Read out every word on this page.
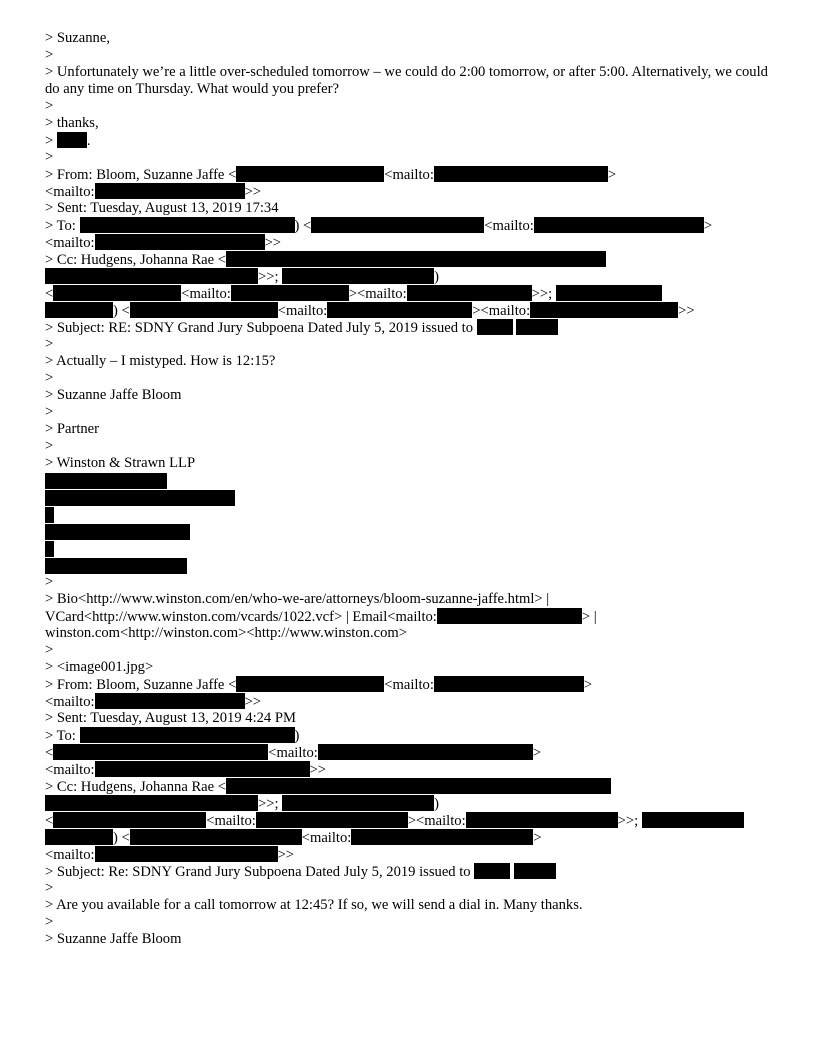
> Suzanne,
>
> Unfortunately we’re a little over-scheduled tomorrow – we could do 2:00 tomorrow, or after 5:00. Alternatively, we could do any time on Thursday. What would you prefer?
>
> thanks,
> .
>
> From: Bloom, Suzanne Jaffe <	<mailto:	>
<mailto:	>>
> Sent: Tuesday, August 13, 2019 17:34
> To:	) <	<mailto:	>
<mailto:	>>
> Cc: Hudgens, Johanna Rae <
>>;	)
<	<mailto:	><mailto:	>>;
) <	<mailto:	><mailto:	>>
> Subject: RE: SDNY Grand Jury Subpoena Dated July 5, 2019 issued to
>
> Actually – I mistyped. How is 12:15?
>
> Suzanne Jaffe Bloom
>
> Partner
>
> Winston & Strawn LLP
>
> Bio<http://www.winston.com/en/who-we-are/attorneys/bloom-suzanne-jaffe.html> |
VCard<http://www.winston.com/vcards/1022.vcf> | Email<mailto:	> |
winston.com<http://winston.com><http://www.winston.com>
>
> <image001.jpg>
> From: Bloom, Suzanne Jaffe <	<mailto:	>
<mailto:	>>
> Sent: Tuesday, August 13, 2019 4:24 PM
> To:	)
<	<mailto:	>
<mailto:	>>
> Cc: Hudgens, Johanna Rae <
>>;	)
<	<mailto:	><mailto:	>>;
) <	<mailto:	>
<mailto:	>>
> Subject: Re: SDNY Grand Jury Subpoena Dated July 5, 2019 issued to
>
> Are you available for a call tomorrow at 12:45? If so, we will send a dial in. Many thanks.
>
> Suzanne Jaffe Bloom
